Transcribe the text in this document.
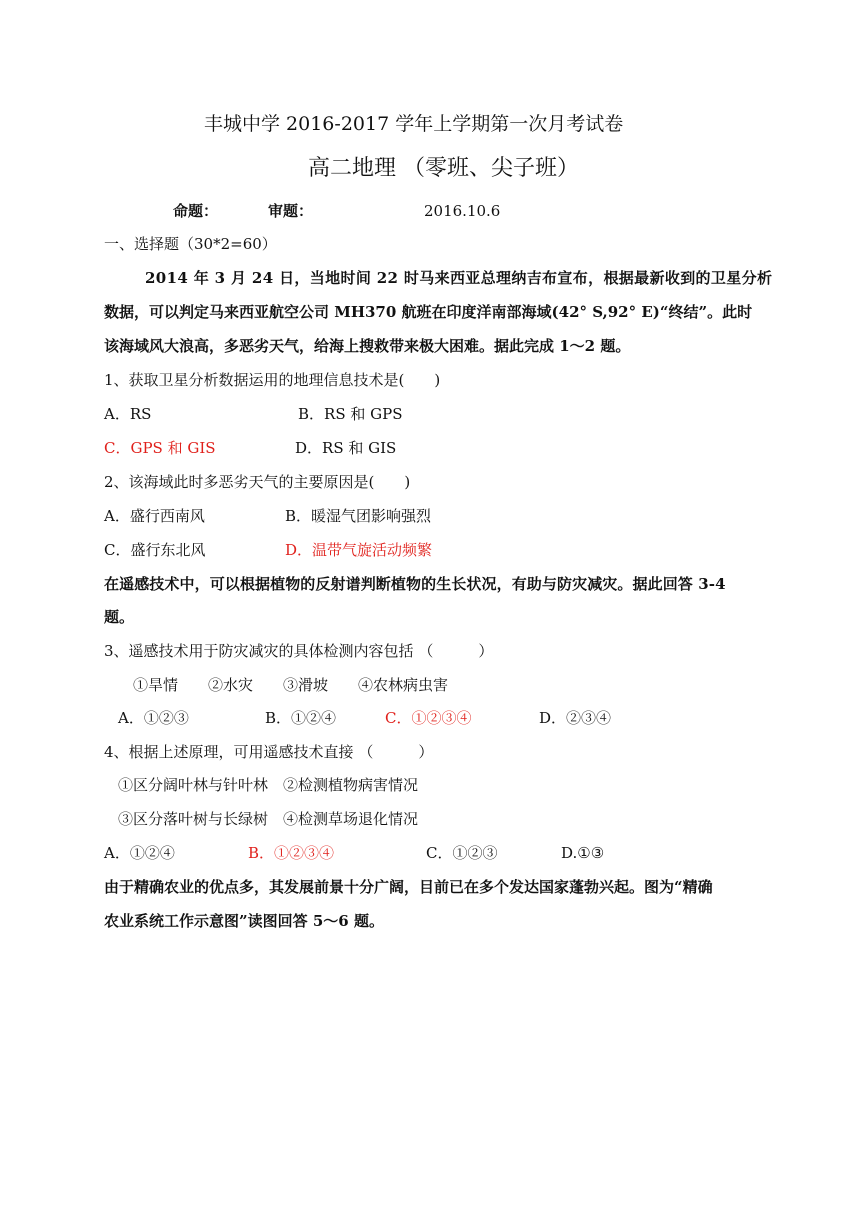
丰城中学 2016-2017 学年上学期第一次月考试卷
高二地理 （零班、尖子班）
命题：	审题：	2016.10.6
一、选择题（30*2=60）
2014 年 3 月 24 日，当地时间 22 时马来西亚总理纳吉布宣布，根据最新收到的卫星分析
数据，可以判定马来西亚航空公司 MH370 航班在印度洋南部海域(42° S,92° E)“终结”。此时
该海域风大浪高，多恶劣天气，给海上搜救带来极大困难。据此完成 1～2 题。
1、获取卫星分析数据运用的地理信息技术是(　　)
A．RS	B．RS 和 GPS
C．GPS 和 GIS	D．RS 和 GIS
2、该海域此时多恶劣天气的主要原因是(　　)
A．盛行西南风	B．暖湿气团影响强烈
C．盛行东北风	D．温带气旋活动频繁
在遥感技术中，可以根据植物的反射谱判断植物的生长状况，有助与防灾减灾。据此回答 3-4
题。
3、遥感技术用于防灾减灾的具体检测内容包括 （　　　）
①旱情　　②水灾　　③滑坡　　④农林病虫害
A．①②③	B．①②④	C．①②③④	D．②③④
4、根据上述原理，可用遥感技术直接 （　　　）
①区分阔叶林与针叶林　②检测植物病害情况
③区分落叶树与长绿树　④检测草场退化情况
A．①②④	B．①②③④	C．①②③	D.①③
由于精确农业的优点多，其发展前景十分广阔，目前已在多个发达国家蓬勃兴起。图为“精确
农业系统工作示意图”读图回答 5～6 题。
